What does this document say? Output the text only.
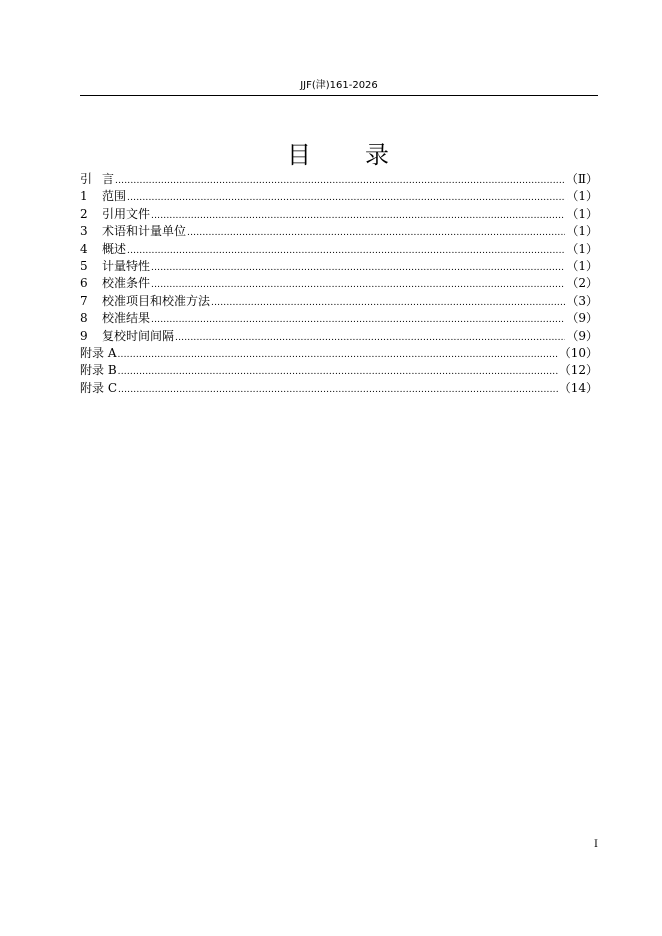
JJF(津)161-2026
目　　录
引 言 .....	（Ⅱ）
1	范围 .....	（1）
2	引用文件 .....	（1）
3	术语和计量单位 .....	（1）
4	概述 .....	（1）
5	计量特性 .....	（1）
6	校准条件 .....	（2）
7	校准项目和校准方法 .....	（3）
8	校准结果 .....	（9）
9	复校时间间隔 .....	（9）
附录 A .....	（10）
附录 B .....	（12）
附录 C .....	（14）
I
